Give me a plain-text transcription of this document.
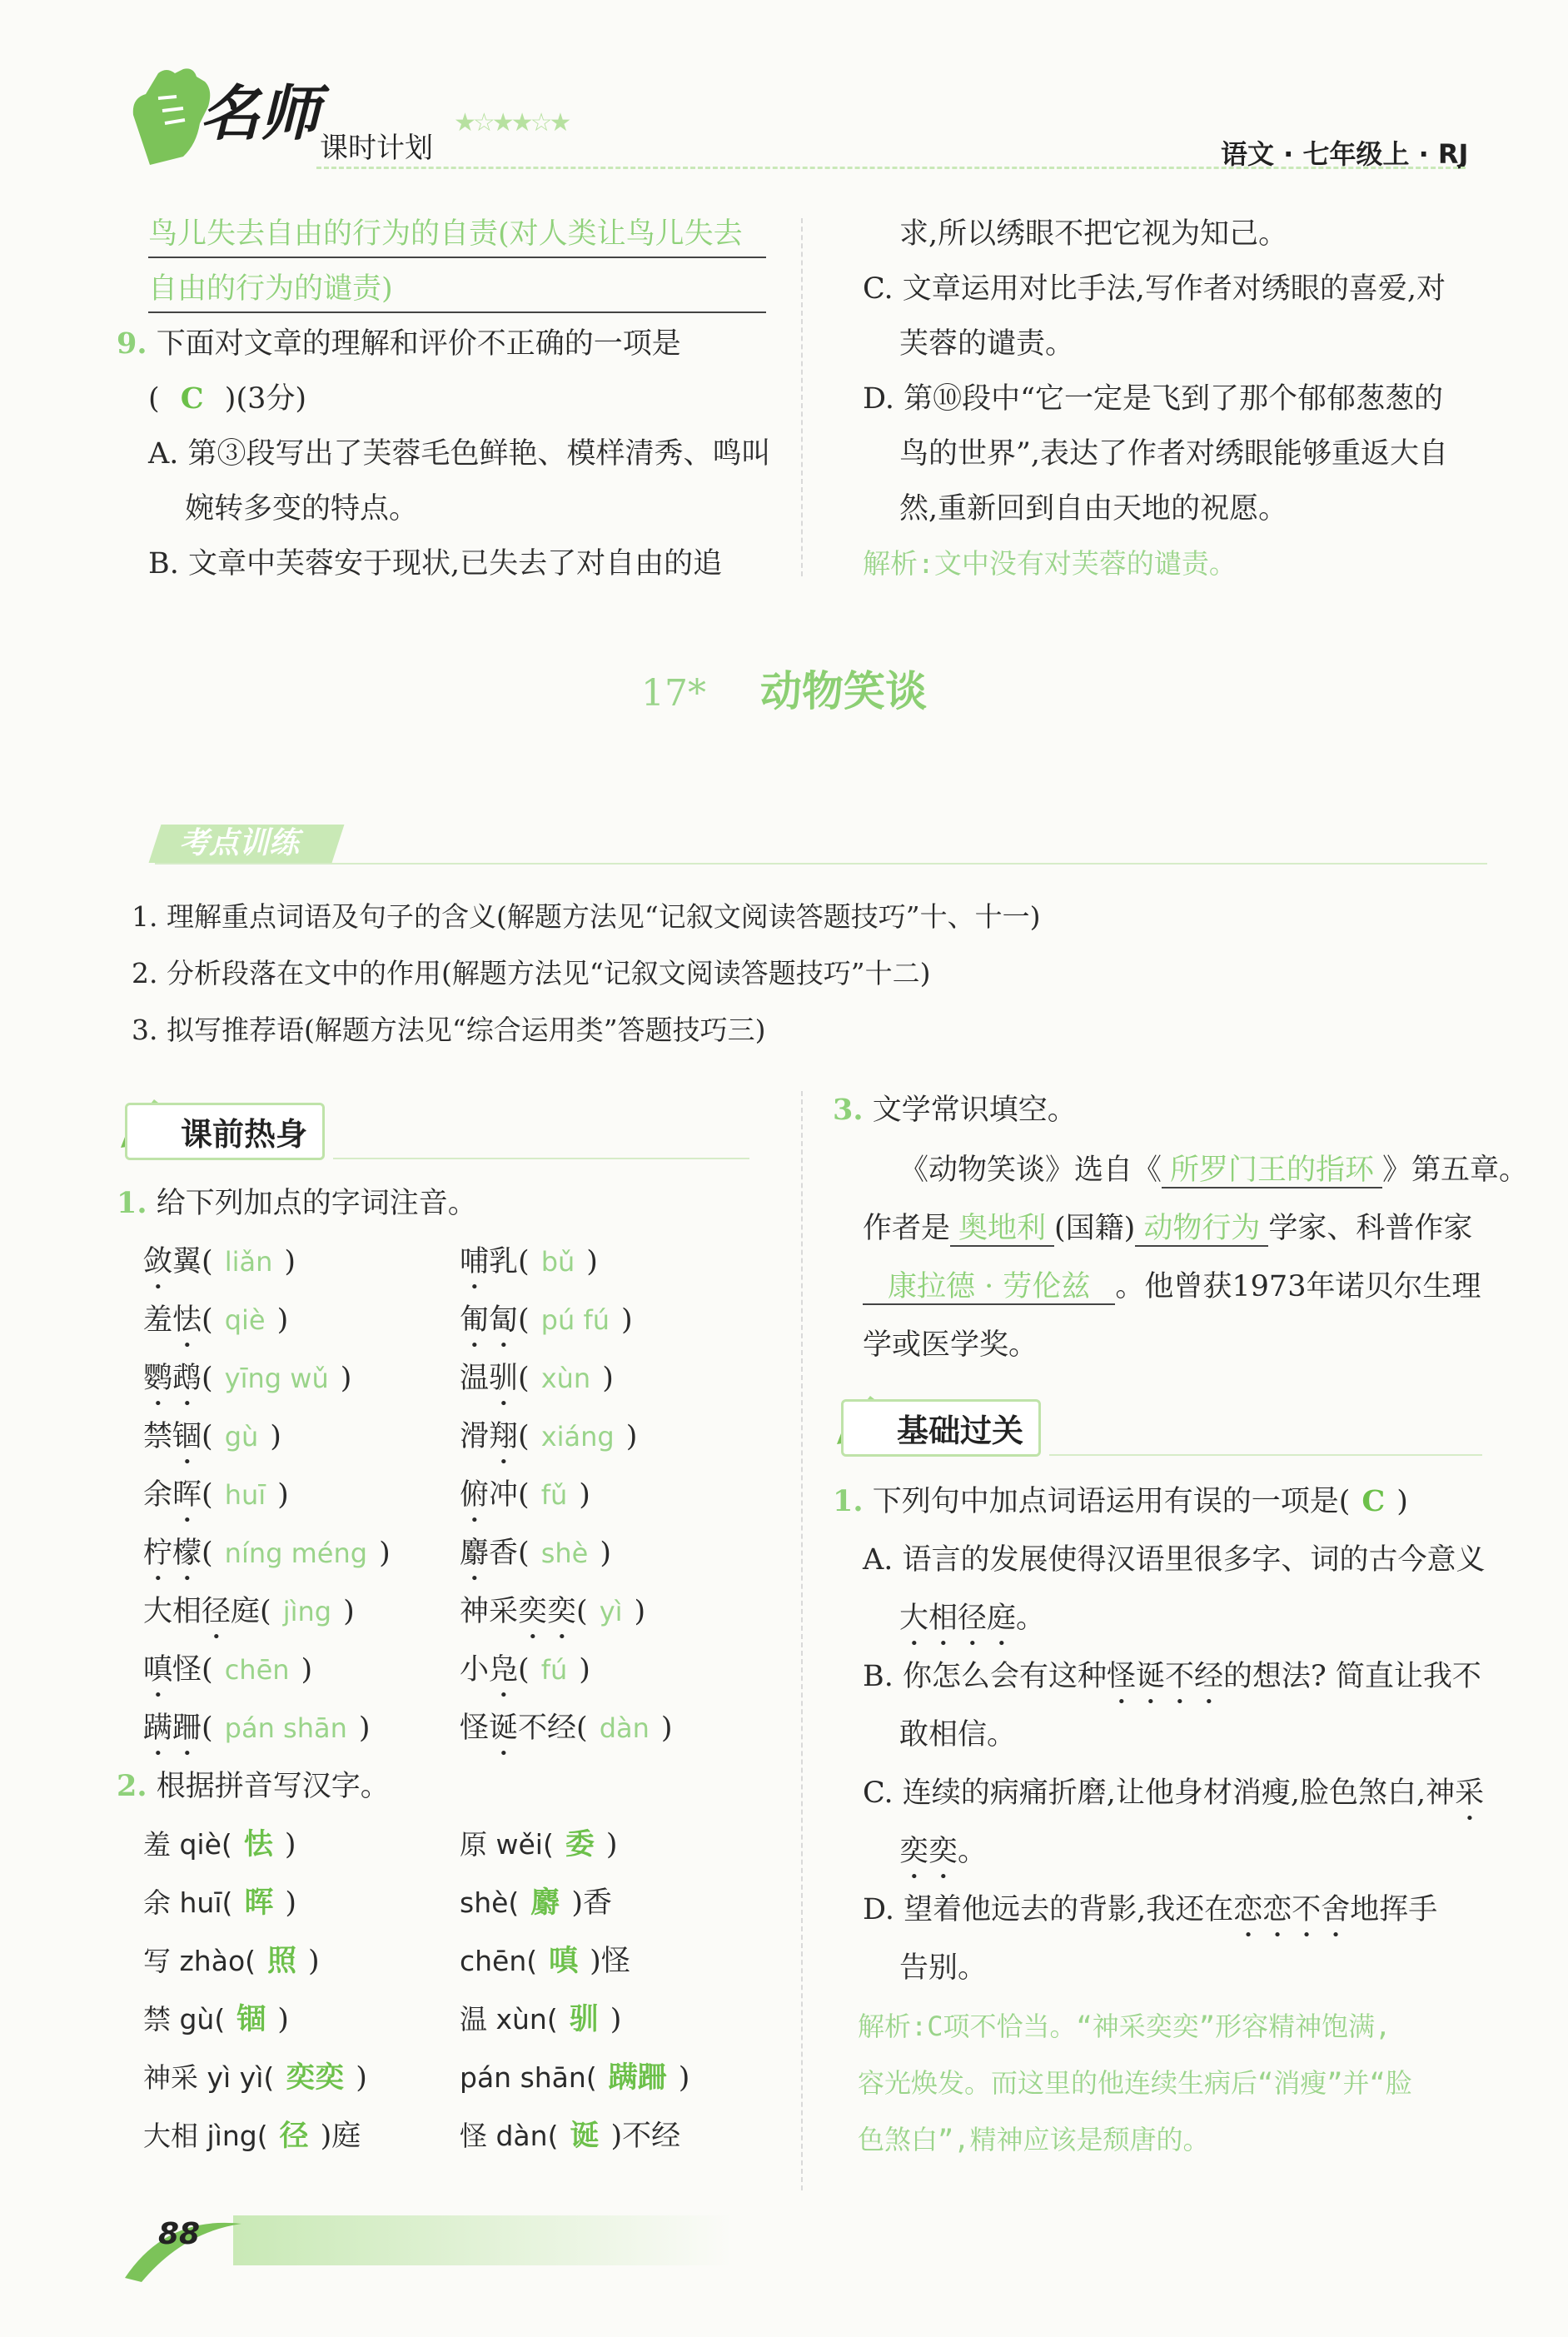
名师 课时计划
★☆★★☆★
语文 · 七年级上 · RJ
鸟儿失去自由的行为的自责(对人类让鸟儿失去
自由的行为的谴责)
9. 下面对文章的理解和评价不正确的一项是
( C )(3分)
A. 第③段写出了芙蓉毛色鲜艳、模样清秀、鸣叫
婉转多变的特点。
B. 文章中芙蓉安于现状,已失去了对自由的追
求,所以绣眼不把它视为知己。
C. 文章运用对比手法,写作者对绣眼的喜爱,对
芙蓉的谴责。
D. 第⑩段中“它一定是飞到了那个郁郁葱葱的
鸟的世界”,表达了作者对绣眼能够重返大自
然,重新回到自由天地的祝愿。
解析:文中没有对芙蓉的谴责。
17* 动物笑谈
考点训练
1. 理解重点词语及句子的含义(解题方法见“记叙文阅读答题技巧”十、十一)
2. 分析段落在文中的作用(解题方法见“记叙文阅读答题技巧”十二)
3. 拟写推荐语(解题方法见“综合运用类”答题技巧三)
课前热身
1. 给下列加点的字词注音。
敛翼( liǎn )
羞怯( qiè )
鹦鹉( yīng wǔ )
禁锢( gù )
余晖( huī )
柠檬( níng méng )
大相径庭( jìng )
嗔怪( chēn )
蹒跚( pán shān )
哺乳( bǔ )
匍匐( pú fú )
温驯( xùn )
滑翔( xiáng )
俯冲( fǔ )
麝香( shè )
神采奕奕( yì )
小凫( fú )
怪诞不经( dàn )
2. 根据拼音写汉字。
羞 qiè( 怯 )
余 huī( 晖 )
写 zhào( 照 )
禁 gù( 锢 )
神采 yì yì( 奕奕 )
大相 jìng( 径 )庭
原 wěi( 委 )
shè( 麝 )香
chēn( 嗔 )怪
温 xùn( 驯 )
pán shān( 蹒跚 )
怪 dàn( 诞 )不经
3. 文学常识填空。
《动物笑谈》选自《 所罗门王的指环 》第五章。
作者是 奥地利 (国籍) 动物行为 学家、科普作家
康拉德 · 劳伦兹 。他曾获1973年诺贝尔生理
学或医学奖。
基础过关
1. 下列句中加点词语运用有误的一项是( C )
A. 语言的发展使得汉语里很多字、词的古今意义
大相径庭。
B. 你怎么会有这种怪诞不经的想法? 简直让我不
敢相信。
C. 连续的病痛折磨,让他身材消瘦,脸色煞白,神采
奕奕。
D. 望着他远去的背影,我还在恋恋不舍地挥手
告别。
解析:C项不恰当。“神采奕奕”形容精神饱满,
容光焕发。而这里的他连续生病后“消瘦”并“脸
色煞白”,精神应该是颓唐的。
88
